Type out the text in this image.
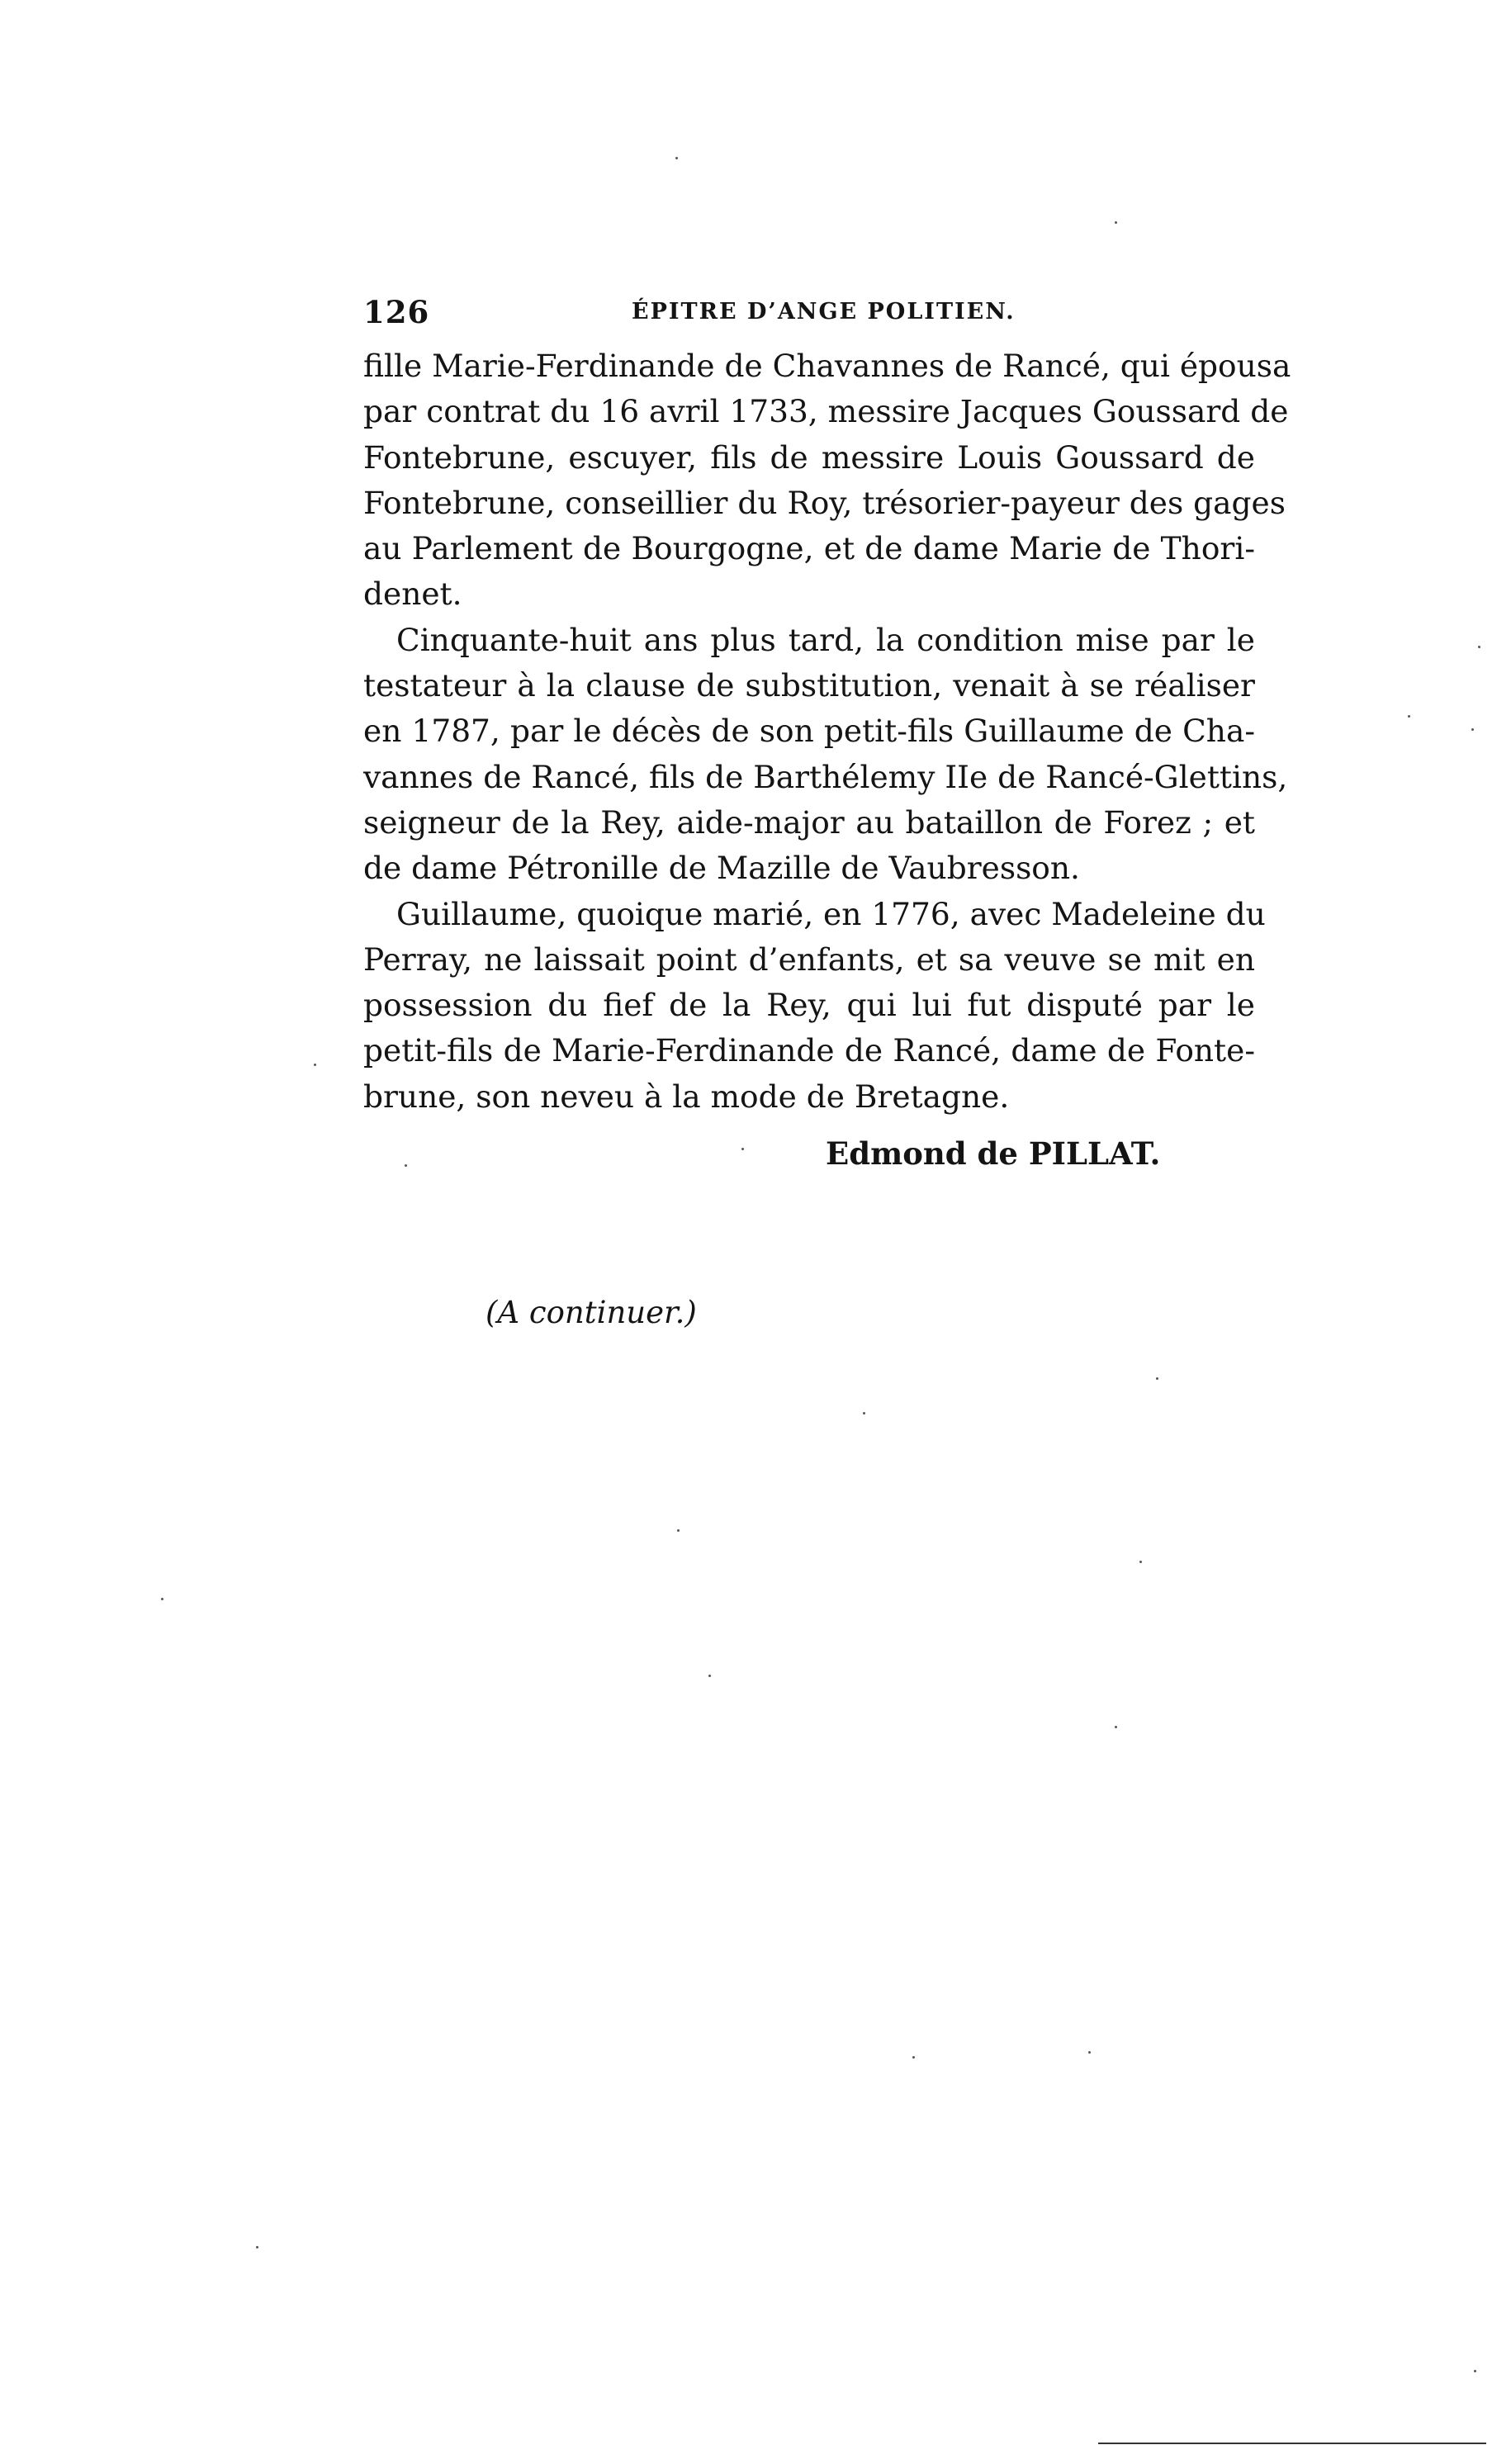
126	ÉPITRE D’ANGE POLITIEN.
fille Marie-Ferdinande de Chavannes de Rancé, qui épousa
par contrat du 16 avril 1733, messire Jacques Goussard de
Fontebrune, escuyer, fils de messire Louis Goussard de
Fontebrune, conseillier du Roy, trésorier-payeur des gages
au Parlement de Bourgogne, et de dame Marie de Thori-
denet.
Cinquante-huit ans plus tard, la condition mise par le
testateur à la clause de substitution, venait à se réaliser
en 1787, par le décès de son petit-fils Guillaume de Cha-
vannes de Rancé, fils de Barthélemy IIe de Rancé-Glettins,
seigneur de la Rey, aide-major au bataillon de Forez ; et
de dame Pétronille de Mazille de Vaubresson.
Guillaume, quoique marié, en 1776, avec Madeleine du
Perray, ne laissait point d’enfants, et sa veuve se mit en
possession du fief de la Rey, qui lui fut disputé par le
petit-fils de Marie-Ferdinande de Rancé, dame de Fonte-
brune, son neveu à la mode de Bretagne.
Edmond de PILLAT.
(A continuer.)
